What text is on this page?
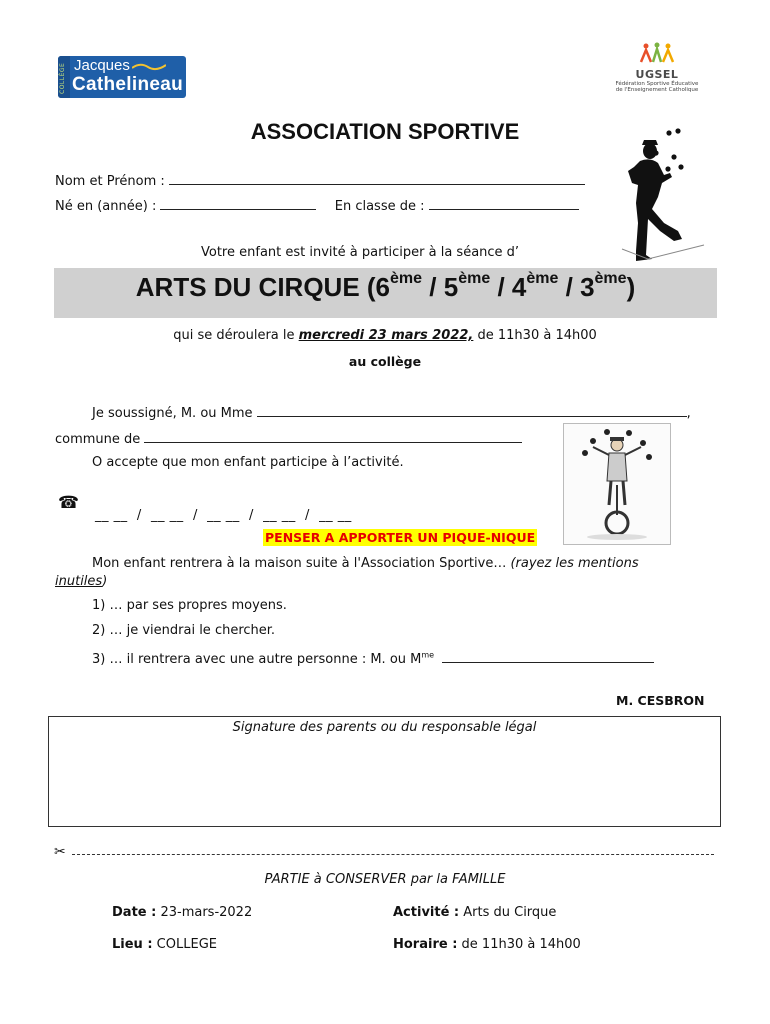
COLLÈGE Jacques
Cathelineau	UGSEL
Fédération Sportive Éducative
de l'Enseignement Catholique
ASSOCIATION SPORTIVE
Nom et Prénom :
Né en (année) :	En classe de :
Votre enfant est invité à participer à la séance d’
ARTS DU CIRQUE (6ème / 5ème / 4ème / 3ème)
qui se déroulera le mercredi 23 mars 2022, de 11h30 à 14h00
au collège
Je soussigné, M. ou Mme	,
commune de
O accepte que mon enfant participe à l’activité.
☎
__ __  /  __ __  /  __ __  /  __ __  /  __ __
PENSER A APPORTER UN PIQUE-NIQUE
Mon enfant rentrera à la maison suite à l'Association Sportive… (rayez les mentions
inutiles)
1) … par ses propres moyens.
2) … je viendrai le chercher.
3) … il rentrera avec une autre personne : M. ou $M^{me}$
M. CESBRON
Signature des parents ou du responsable légal
✂
PARTIE à CONSERVER par la FAMILLE
Date : 23-mars-2022	Activité : Arts du Cirque
Lieu : COLLEGE	Horaire : de 11h30 à 14h00
